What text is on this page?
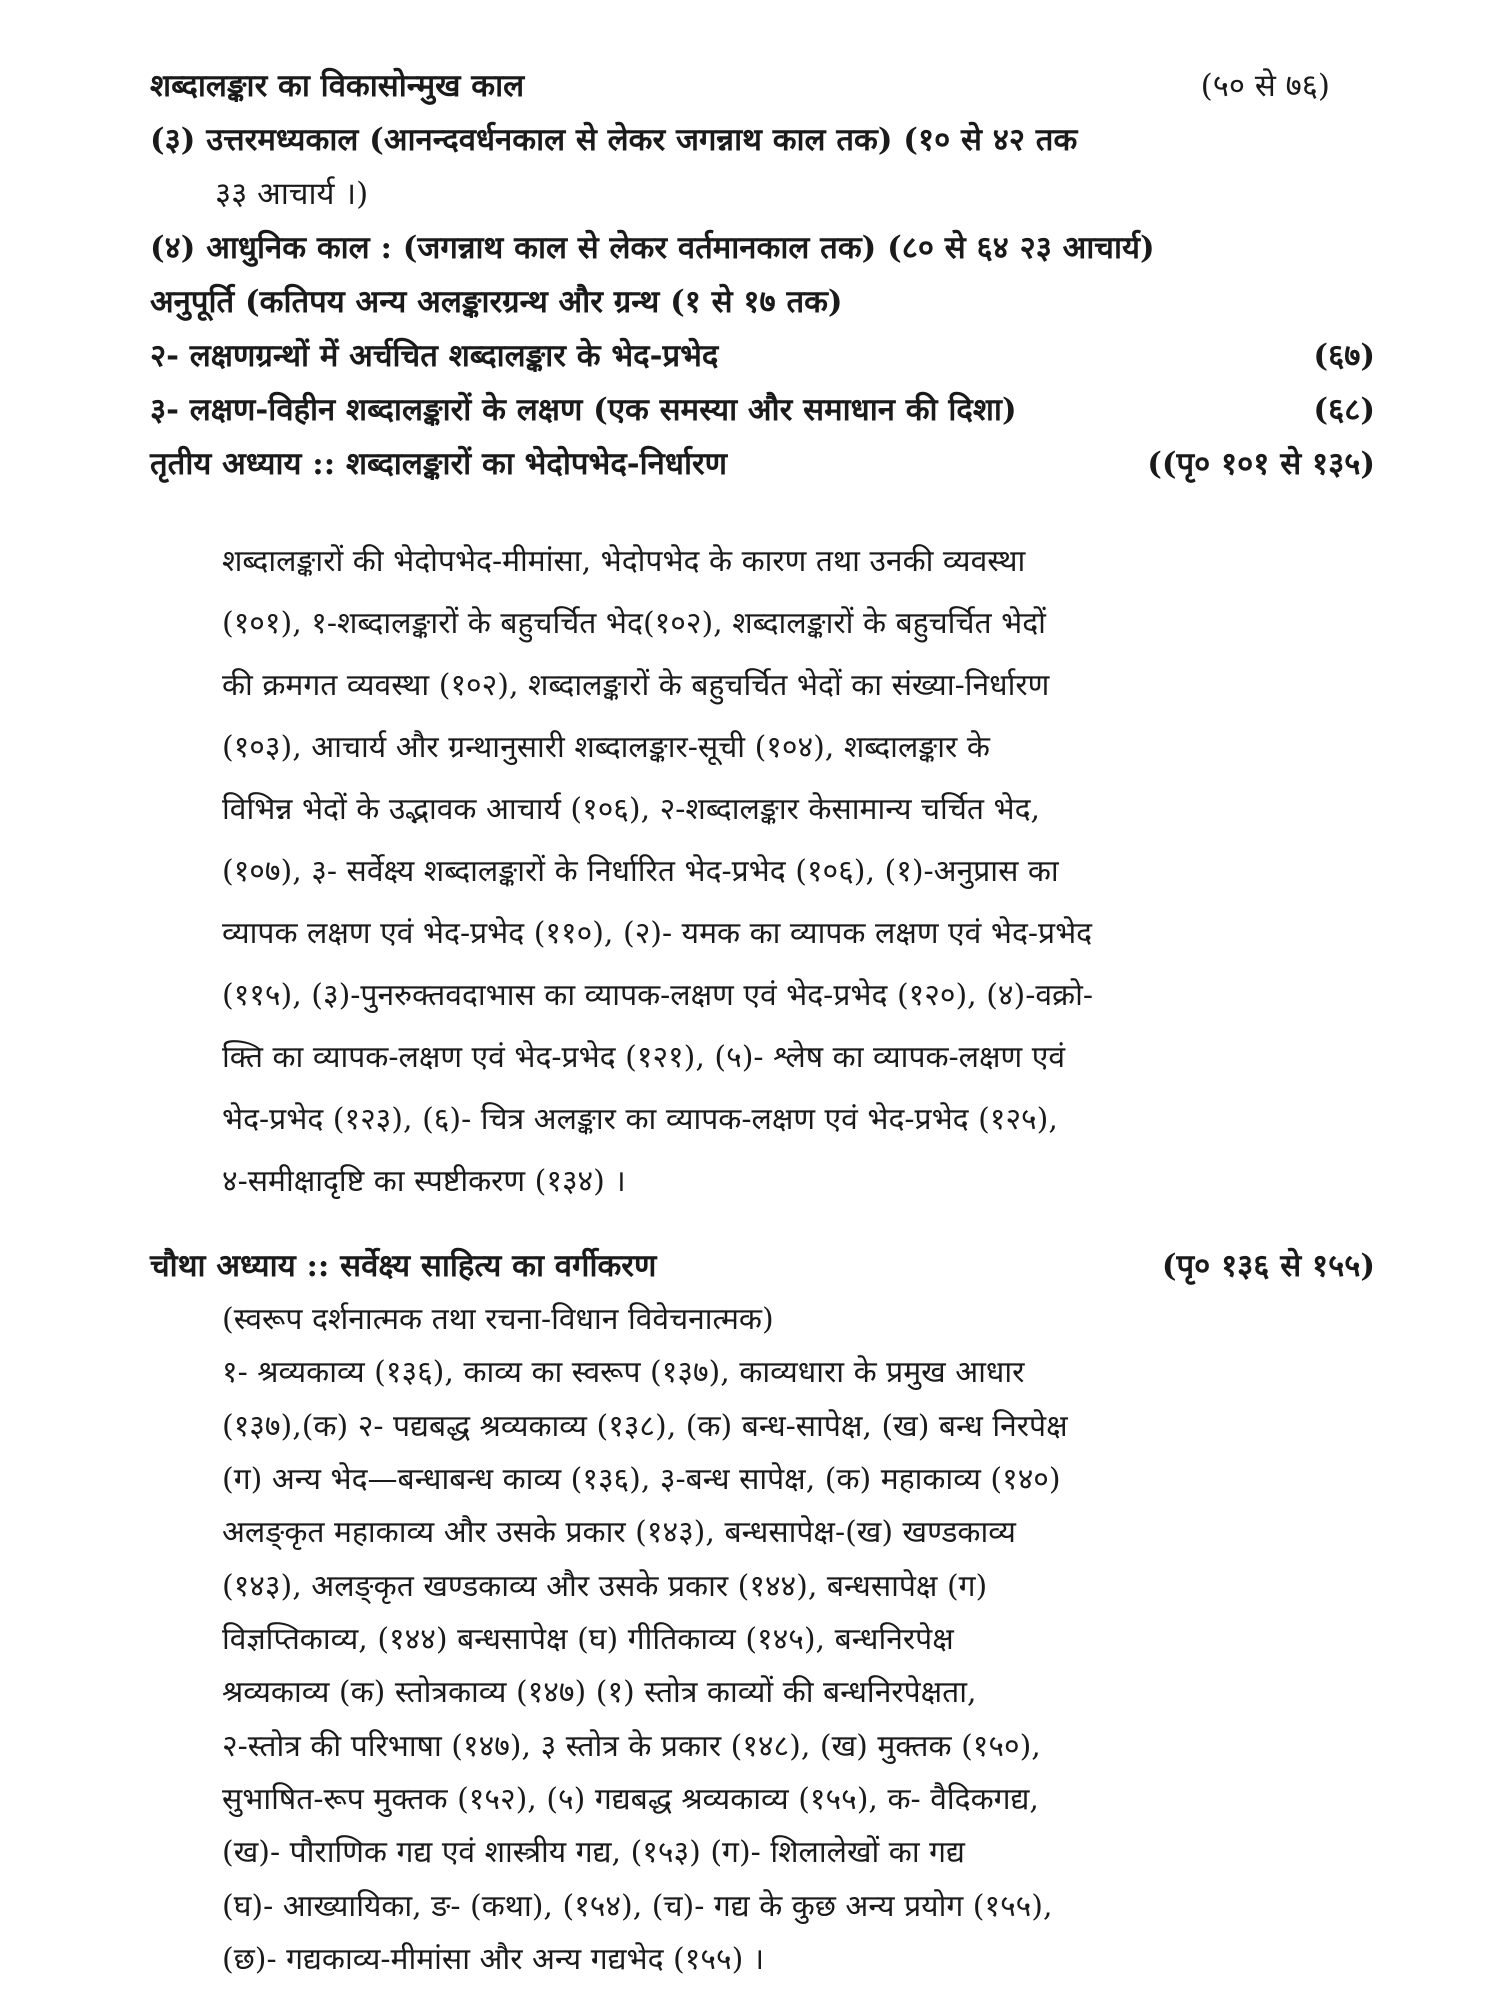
शब्दालङ्कार का विकासोन्मुख काल	(५० से ७६)
(३) उत्तरमध्यकाल (आनन्दवर्धनकाल से लेकर जगन्नाथ काल तक) (१० से ४२ तक
३३ आचार्य ।)
(४) आधुनिक काल : (जगन्नाथ काल से लेकर वर्तमानकाल तक) (८० से ६४ २३ आचार्य)
अनुपूर्ति (कतिपय अन्य अलङ्कारग्रन्थ और ग्रन्थ (१ से १७ तक)
२- लक्षणग्रन्थों में अर्चचित शब्दालङ्कार के भेद-प्रभेद	(६७)
३- लक्षण-विहीन शब्दालङ्कारों के लक्षण (एक समस्या और समाधान की दिशा)	(६८)
तृतीय अध्याय :: शब्दालङ्कारों का भेदोपभेद-निर्धारण	((पृ० १०१ से १३५)
शब्दालङ्कारों की भेदोपभेद-मीमांसा, भेदोपभेद के कारण तथा उनकी व्यवस्था
(१०१), १-शब्दालङ्कारों के बहुचर्चित भेद(१०२), शब्दालङ्कारों के बहुचर्चित भेदों
की क्रमगत व्यवस्था (१०२), शब्दालङ्कारों के बहुचर्चित भेदों का संख्या-निर्धारण
(१०३), आचार्य और ग्रन्थानुसारी शब्दालङ्कार-सूची (१०४), शब्दालङ्कार के
विभिन्न भेदों के उद्भावक आचार्य (१०६), २-शब्दालङ्कार केसामान्य चर्चित भेद,
(१०७), ३- सर्वेक्ष्य शब्दालङ्कारों के निर्धारित भेद-प्रभेद (१०६), (१)-अनुप्रास का
व्यापक लक्षण एवं भेद-प्रभेद (११०), (२)- यमक का व्यापक लक्षण एवं भेद-प्रभेद
(११५), (३)-पुनरुक्तवदाभास का व्यापक-लक्षण एवं भेद-प्रभेद (१२०), (४)-वक्रो-
क्ति का व्यापक-लक्षण एवं भेद-प्रभेद (१२१), (५)- श्लेष का व्यापक-लक्षण एवं
भेद-प्रभेद (१२३), (६)- चित्र अलङ्कार का व्यापक-लक्षण एवं भेद-प्रभेद (१२५),
४-समीक्षादृष्टि का स्पष्टीकरण (१३४) ।
चौथा अध्याय :: सर्वेक्ष्य साहित्य का वर्गीकरण	(पृ० १३६ से १५५)
(स्वरूप दर्शनात्मक तथा रचना-विधान विवेचनात्मक)
१- श्रव्यकाव्य (१३६), काव्य का स्वरूप (१३७), काव्यधारा के प्रमुख आधार
(१३७),(क) २- पद्यबद्ध श्रव्यकाव्य (१३८), (क) बन्ध-सापेक्ष, (ख) बन्ध निरपेक्ष
(ग) अन्य भेद—बन्धाबन्ध काव्य (१३६), ३-बन्ध सापेक्ष, (क) महाकाव्य (१४०)
अलङ्कृत महाकाव्य और उसके प्रकार (१४३), बन्धसापेक्ष-(ख) खण्डकाव्य
(१४३), अलङ्कृत खण्डकाव्य और उसके प्रकार (१४४), बन्धसापेक्ष (ग)
विज्ञप्तिकाव्य, (१४४) बन्धसापेक्ष (घ) गीतिकाव्य (१४५), बन्धनिरपेक्ष
श्रव्यकाव्य (क) स्तोत्रकाव्य (१४७) (१) स्तोत्र काव्यों की बन्धनिरपेक्षता,
२-स्तोत्र की परिभाषा (१४७), ३ स्तोत्र के प्रकार (१४८), (ख) मुक्तक (१५०),
सुभाषित-रूप मुक्तक (१५२), (५) गद्यबद्ध श्रव्यकाव्य (१५५), क- वैदिकगद्य,
(ख)- पौराणिक गद्य एवं शास्त्रीय गद्य, (१५३) (ग)- शिलालेखों का गद्य
(घ)- आख्यायिका, ङ- (कथा), (१५४), (च)- गद्य के कुछ अन्य प्रयोग (१५५),
(छ)- गद्यकाव्य-मीमांसा और अन्य गद्यभेद (१५५) ।
